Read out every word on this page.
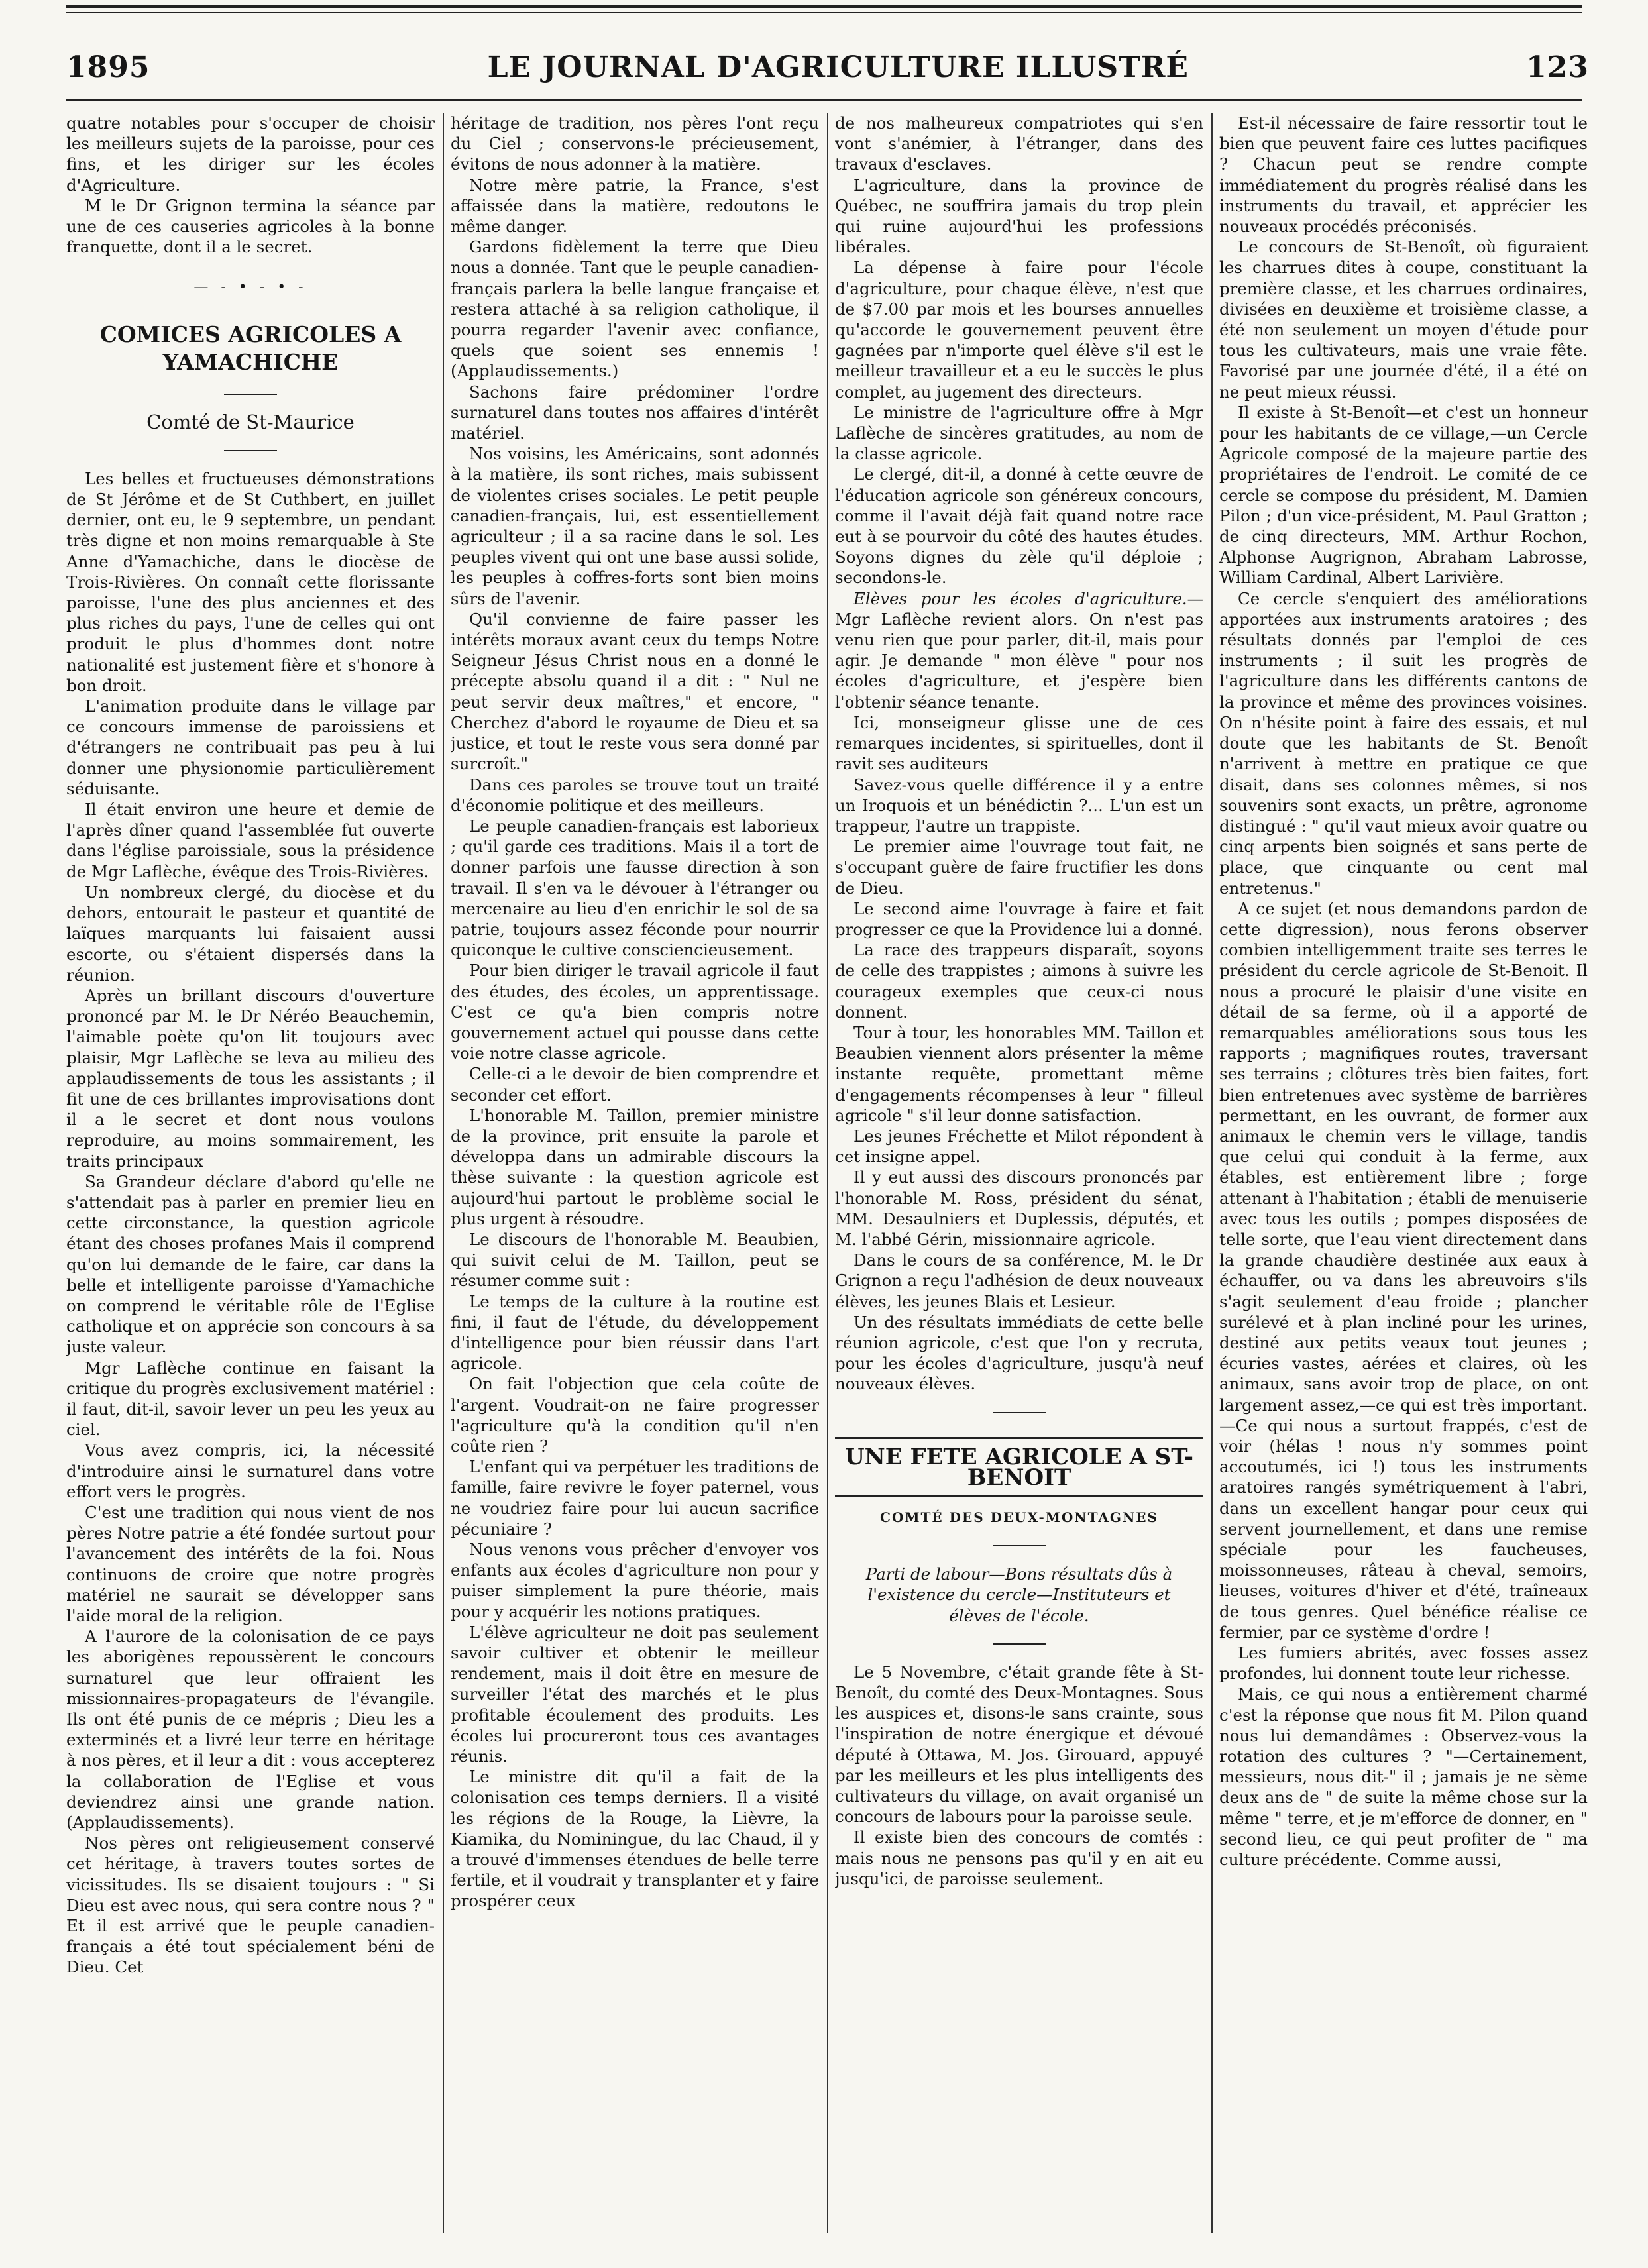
1895	LE JOURNAL D'AGRICULTURE ILLUSTRÉ	123

quatre notables pour s'occuper de choisir les meilleurs sujets de la paroisse, pour ces fins, et les diriger sur les écoles d'Agriculture.

M le Dr Grignon termina la séance par une de ces causeries agricoles à la bonne franquette, dont il a le secret.

— - • - • -
COMICES AGRICOLES A YAMACHICHE
Comté de St-Maurice

Les belles et fructueuses démonstrations de St Jérôme et de St Cuthbert, en juillet dernier, ont eu, le 9 septembre, un pendant très digne et non moins remarquable à Ste Anne d'Yamachiche, dans le diocèse de Trois-Rivières. On connaît cette florissante paroisse, l'une des plus anciennes et des plus riches du pays, l'une de celles qui ont produit le plus d'hommes dont notre nationalité est justement fière et s'honore à bon droit.

L'animation produite dans le village par ce concours immense de paroissiens et d'étrangers ne contribuait pas peu à lui donner une physionomie particulièrement séduisante.

Il était environ une heure et demie de l'après dîner quand l'assemblée fut ouverte dans l'église paroissiale, sous la présidence de Mgr Laflèche, évêque des Trois-Rivières.

Un nombreux clergé, du diocèse et du dehors, entourait le pasteur et quantité de laïques marquants lui faisaient aussi escorte, ou s'étaient dispersés dans la réunion.

Après un brillant discours d'ouverture prononcé par M. le Dr Néréo Beauchemin, l'aimable poète qu'on lit toujours avec plaisir, Mgr Laflèche se leva au milieu des applaudissements de tous les assistants ; il fit une de ces brillantes improvisations dont il a le secret et dont nous voulons reproduire, au moins sommairement, les traits principaux

Sa Grandeur déclare d'abord qu'elle ne s'attendait pas à parler en premier lieu en cette circonstance, la question agricole étant des choses profanes Mais il comprend qu'on lui demande de le faire, car dans la belle et intelligente paroisse d'Yamachiche on comprend le véritable rôle de l'Eglise catholique et on apprécie son concours à sa juste valeur.

Mgr Laflèche continue en faisant la critique du progrès exclusivement matériel : il faut, dit-il, savoir lever un peu les yeux au ciel.

Vous avez compris, ici, la nécessité d'introduire ainsi le surnaturel dans votre effort vers le progrès.

C'est une tradition qui nous vient de nos pères Notre patrie a été fondée surtout pour l'avancement des intérêts de la foi. Nous continuons de croire que notre progrès matériel ne saurait se développer sans l'aide moral de la religion.

A l'aurore de la colonisation de ce pays les aborigènes repoussèrent le concours surnaturel que leur offraient les missionnaires-propagateurs de l'évangile. Ils ont été punis de ce mépris ; Dieu les a exterminés et a livré leur terre en héritage à nos pères, et il leur a dit : vous accepterez la collaboration de l'Eglise et vous deviendrez ainsi une grande nation. (Applaudissements).

Nos pères ont religieusement conservé cet héritage, à travers toutes sortes de vicissitudes. Ils se disaient toujours : " Si Dieu est avec nous, qui sera contre nous ? " Et il est arrivé que le peuple canadien-français a été tout spécialement béni de Dieu. Cet

héritage de tradition, nos pères l'ont reçu du Ciel ; conservons-le précieusement, évitons de nous adonner à la matière.

Notre mère patrie, la France, s'est affaissée dans la matière, redoutons le même danger.

Gardons fidèlement la terre que Dieu nous a donnée. Tant que le peuple canadien-français parlera la belle langue française et restera attaché à sa religion catholique, il pourra regarder l'avenir avec confiance, quels que soient ses ennemis ! (Applaudissements.)

Sachons faire prédominer l'ordre surnaturel dans toutes nos affaires d'intérêt matériel.

Nos voisins, les Américains, sont adonnés à la matière, ils sont riches, mais subissent de violentes crises sociales. Le petit peuple canadien-français, lui, est essentiellement agriculteur ; il a sa racine dans le sol. Les peuples vivent qui ont une base aussi solide, les peuples à coffres-forts sont bien moins sûrs de l'avenir.

Qu'il convienne de faire passer les intérêts moraux avant ceux du temps Notre Seigneur Jésus Christ nous en a donné le précepte absolu quand il a dit : " Nul ne peut servir deux maîtres," et encore, " Cherchez d'abord le royaume de Dieu et sa justice, et tout le reste vous sera donné par surcroît."

Dans ces paroles se trouve tout un traité d'économie politique et des meilleurs.

Le peuple canadien-français est laborieux ; qu'il garde ces traditions. Mais il a tort de donner parfois une fausse direction à son travail. Il s'en va le dévouer à l'étranger ou mercenaire au lieu d'en enrichir le sol de sa patrie, toujours assez féconde pour nourrir quiconque le cultive consciencieusement.

Pour bien diriger le travail agricole il faut des études, des écoles, un apprentissage. C'est ce qu'a bien compris notre gouvernement actuel qui pousse dans cette voie notre classe agricole.

Celle-ci a le devoir de bien comprendre et seconder cet effort.

L'honorable M. Taillon, premier ministre de la province, prit ensuite la parole et développa dans un admirable discours la thèse suivante : la question agricole est aujourd'hui partout le problème social le plus urgent à résoudre.

Le discours de l'honorable M. Beaubien, qui suivit celui de M. Taillon, peut se résumer comme suit :

Le temps de la culture à la routine est fini, il faut de l'étude, du développement d'intelligence pour bien réussir dans l'art agricole.

On fait l'objection que cela coûte de l'argent. Voudrait-on ne faire progresser l'agriculture qu'à la condition qu'il n'en coûte rien ?

L'enfant qui va perpétuer les traditions de famille, faire revivre le foyer paternel, vous ne voudriez faire pour lui aucun sacrifice pécuniaire ?

Nous venons vous prêcher d'envoyer vos enfants aux écoles d'agriculture non pour y puiser simplement la pure théorie, mais pour y acquérir les notions pratiques.

L'élève agriculteur ne doit pas seulement savoir cultiver et obtenir le meilleur rendement, mais il doit être en mesure de surveiller l'état des marchés et le plus profitable écoulement des produits. Les écoles lui procureront tous ces avantages réunis.

Le ministre dit qu'il a fait de la colonisation ces temps derniers. Il a visité les régions de la Rouge, la Lièvre, la Kiamika, du Nominingue, du lac Chaud, il y a trouvé d'immenses étendues de belle terre fertile, et il voudrait y transplanter et y faire prospérer ceux

de nos malheureux compatriotes qui s'en vont s'anémier, à l'étranger, dans des travaux d'esclaves.

L'agriculture, dans la province de Québec, ne souffrira jamais du trop plein qui ruine aujourd'hui les professions libérales.

La dépense à faire pour l'école d'agriculture, pour chaque élève, n'est que de $7.00 par mois et les bourses annuelles qu'accorde le gouvernement peuvent être gagnées par n'importe quel élève s'il est le meilleur travailleur et a eu le succès le plus complet, au jugement des directeurs.

Le ministre de l'agriculture offre à Mgr Laflèche de sincères gratitudes, au nom de la classe agricole.

Le clergé, dit-il, a donné à cette œuvre de l'éducation agricole son généreux concours, comme il l'avait déjà fait quand notre race eut à se pourvoir du côté des hautes études. Soyons dignes du zèle qu'il déploie ; secondons-le.

Elèves pour les écoles d'agriculture.— Mgr Laflèche revient alors. On n'est pas venu rien que pour parler, dit-il, mais pour agir. Je demande " mon élève " pour nos écoles d'agriculture, et j'espère bien l'obtenir séance tenante.

Ici, monseigneur glisse une de ces remarques incidentes, si spirituelles, dont il ravit ses auditeurs

Savez-vous quelle différence il y a entre un Iroquois et un bénédictin ?... L'un est un trappeur, l'autre un trappiste.

Le premier aime l'ouvrage tout fait, ne s'occupant guère de faire fructifier les dons de Dieu.

Le second aime l'ouvrage à faire et fait progresser ce que la Providence lui a donné.

La race des trappeurs disparaît, soyons de celle des trappistes ; aimons à suivre les courageux exemples que ceux-ci nous donnent.

Tour à tour, les honorables MM. Taillon et Beaubien viennent alors présenter la même instante requête, promettant même d'engagements récompenses à leur " filleul agricole " s'il leur donne satisfaction.

Les jeunes Fréchette et Milot répondent à cet insigne appel.

Il y eut aussi des discours prononcés par l'honorable M. Ross, président du sénat, MM. Desaulniers et Duplessis, députés, et M. l'abbé Gérin, missionnaire agricole.

Dans le cours de sa conférence, M. le Dr Grignon a reçu l'adhésion de deux nouveaux élèves, les jeunes Blais et Lesieur.

Un des résultats immédiats de cette belle réunion agricole, c'est que l'on y recruta, pour les écoles d'agriculture, jusqu'à neuf nouveaux élèves.

UNE FETE AGRICOLE A ST-BENOIT
COMTÉ DES DEUX-MONTAGNES

Parti de labour—Bons résultats dûs à l'existence du cercle—Instituteurs et élèves de l'école.

Le 5 Novembre, c'était grande fête à St-Benoît, du comté des Deux-Montagnes. Sous les auspices et, disons-le sans crainte, sous l'inspiration de notre énergique et dévoué député à Ottawa, M. Jos. Girouard, appuyé par les meilleurs et les plus intelligents des cultivateurs du village, on avait organisé un concours de labours pour la paroisse seule.

Il existe bien des concours de comtés : mais nous ne pensons pas qu'il y en ait eu jusqu'ici, de paroisse seulement.

Est-il nécessaire de faire ressortir tout le bien que peuvent faire ces luttes pacifiques ? Chacun peut se rendre compte immédiatement du progrès réalisé dans les instruments du travail, et apprécier les nouveaux procédés préconisés.

Le concours de St-Benoît, où figuraient les charrues dites à coupe, constituant la première classe, et les charrues ordinaires, divisées en deuxième et troisième classe, a été non seulement un moyen d'étude pour tous les cultivateurs, mais une vraie fête. Favorisé par une journée d'été, il a été on ne peut mieux réussi.

Il existe à St-Benoît—et c'est un honneur pour les habitants de ce village,—un Cercle Agricole composé de la majeure partie des propriétaires de l'endroit. Le comité de ce cercle se compose du président, M. Damien Pilon ; d'un vice-président, M. Paul Gratton ; de cinq directeurs, MM. Arthur Rochon, Alphonse Augrignon, Abraham Labrosse, William Cardinal, Albert Larivière.

Ce cercle s'enquiert des améliorations apportées aux instruments aratoires ; des résultats donnés par l'emploi de ces instruments ; il suit les progrès de l'agriculture dans les différents cantons de la province et même des provinces voisines. On n'hésite point à faire des essais, et nul doute que les habitants de St. Benoît n'arrivent à mettre en pratique ce que disait, dans ses colonnes mêmes, si nos souvenirs sont exacts, un prêtre, agronome distingué : " qu'il vaut mieux avoir quatre ou cinq arpents bien soignés et sans perte de place, que cinquante ou cent mal entretenus."

A ce sujet (et nous demandons pardon de cette digression), nous ferons observer combien intelligemment traite ses terres le président du cercle agricole de St-Benoit. Il nous a procuré le plaisir d'une visite en détail de sa ferme, où il a apporté de remarquables améliorations sous tous les rapports ; magnifiques routes, traversant ses terrains ; clôtures très bien faites, fort bien entretenues avec système de barrières permettant, en les ouvrant, de former aux animaux le chemin vers le village, tandis que celui qui conduit à la ferme, aux étables, est entièrement libre ; forge attenant à l'habitation ; établi de menuiserie avec tous les outils ; pompes disposées de telle sorte, que l'eau vient directement dans la grande chaudière destinée aux eaux à échauffer, ou va dans les abreuvoirs s'ils s'agit seulement d'eau froide ; plancher surélevé et à plan incliné pour les urines, destiné aux petits veaux tout jeunes ; écuries vastes, aérées et claires, où les animaux, sans avoir trop de place, on ont largement assez,—ce qui est très important.—Ce qui nous a surtout frappés, c'est de voir (hélas ! nous n'y sommes point accoutumés, ici !) tous les instruments aratoires rangés symétriquement à l'abri, dans un excellent hangar pour ceux qui servent journellement, et dans une remise spéciale pour les faucheuses, moissonneuses, râteau à cheval, semoirs, lieuses, voitures d'hiver et d'été, traîneaux de tous genres. Quel bénéfice réalise ce fermier, par ce système d'ordre !

Les fumiers abrités, avec fosses assez profondes, lui donnent toute leur richesse.

Mais, ce qui nous a entièrement charmé c'est la réponse que nous fit M. Pilon quand nous lui demandâmes : Observez-vous la rotation des cultures ? "—Certainement, messieurs, nous dit-" il ; jamais je ne sème deux ans de " de suite la même chose sur la même " terre, et je m'efforce de donner, en " second lieu, ce qui peut profiter de " ma culture précédente. Comme aussi,
